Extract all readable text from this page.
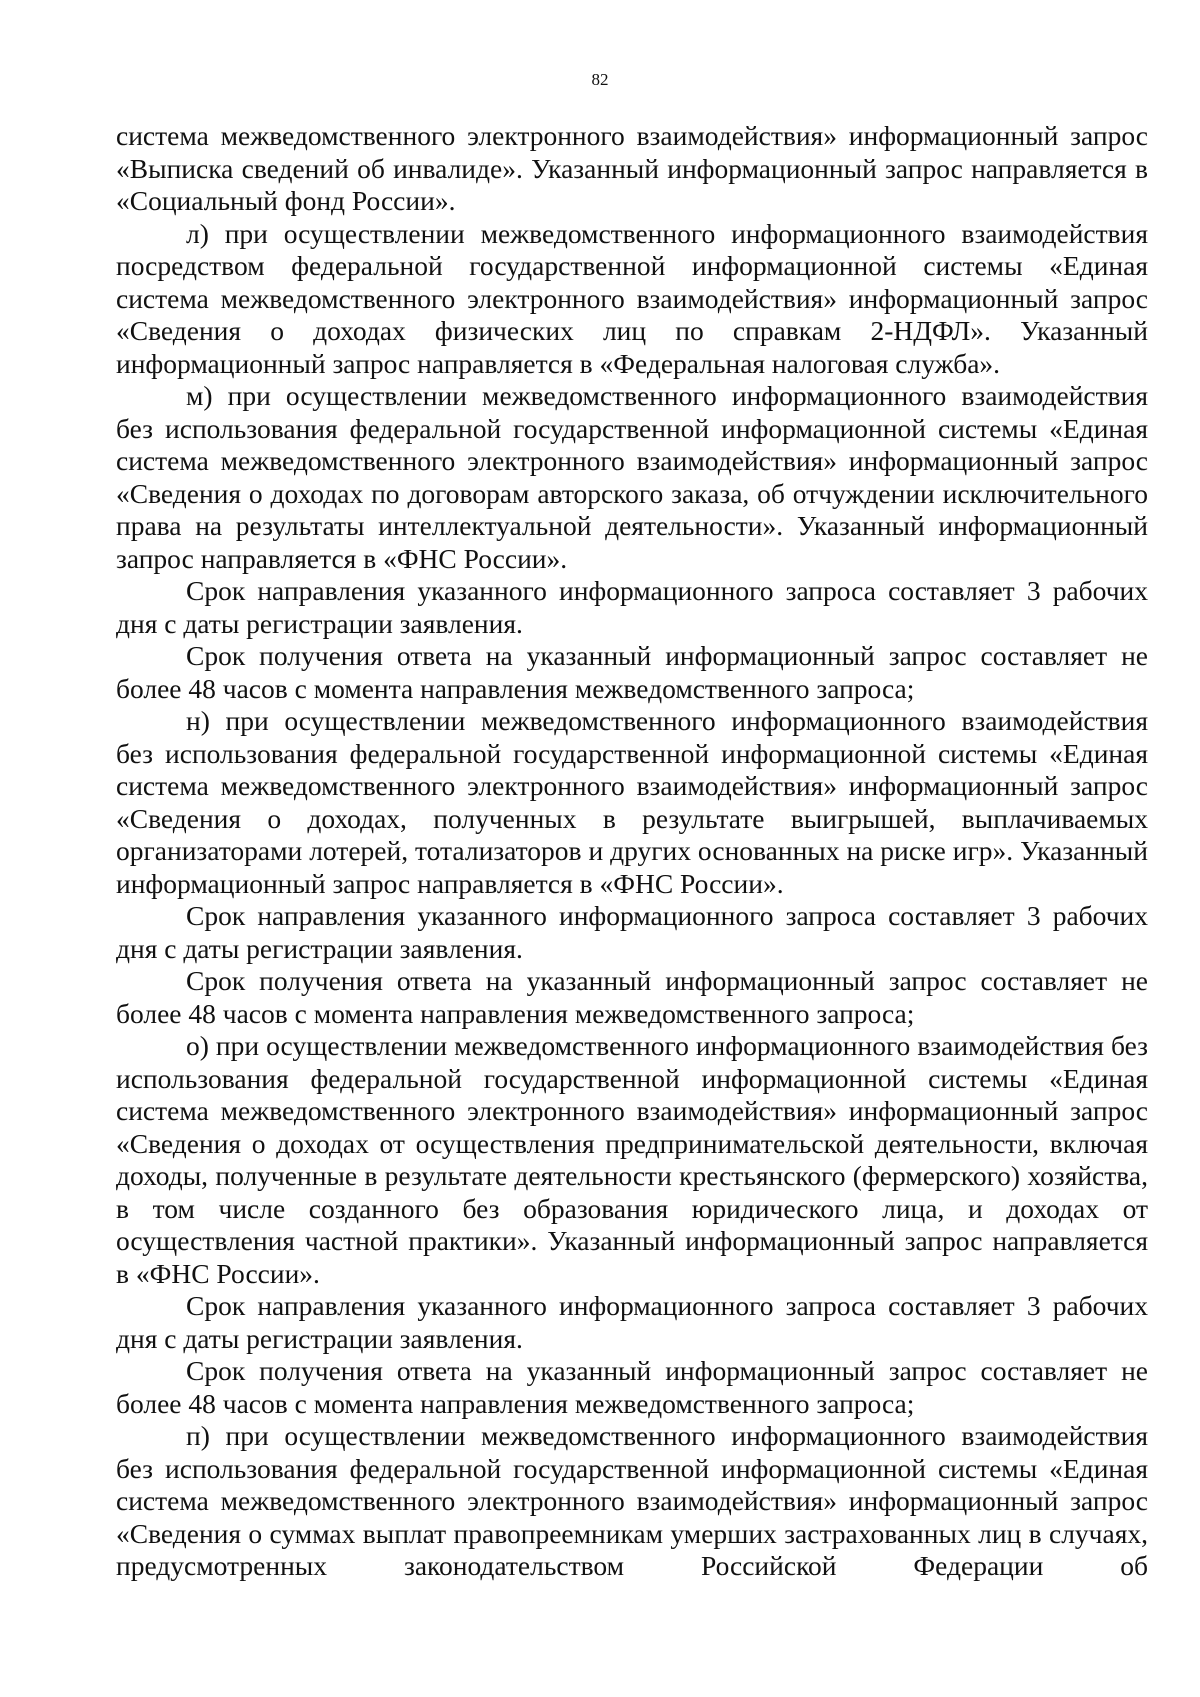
82

система межведомственного электронного взаимодействия» информационный запрос «Выписка сведений об инвалиде». Указанный информационный запрос направляется в «Социальный фонд России».

л) при осуществлении межведомственного информационного взаимодействия посредством федеральной государственной информационной системы «Единая система межведомственного электронного взаимодействия» информационный запрос «Сведения о доходах физических лиц по справкам 2-НДФЛ». Указанный информационный запрос направляется в «Федеральная налоговая служба».

м) при осуществлении межведомственного информационного взаимодействия без использования федеральной государственной информационной системы «Единая система межведомственного электронного взаимодействия» информационный запрос «Сведения о доходах по договорам авторского заказа, об отчуждении исключительного права на результаты интеллектуальной деятельности». Указанный информационный запрос направляется в «ФНС России».

Срок направления указанного информационного запроса составляет 3 рабочих дня с даты регистрации заявления.

Срок получения ответа на указанный информационный запрос составляет не более 48 часов с момента направления межведомственного запроса;

н) при осуществлении межведомственного информационного взаимодействия без использования федеральной государственной информационной системы «Единая система межведомственного электронного взаимодействия» информационный запрос «Сведения о доходах, полученных в результате выигрышей, выплачиваемых организаторами лотерей, тотализаторов и других основанных на риске игр». Указанный информационный запрос направляется в «ФНС России».

Срок направления указанного информационного запроса составляет 3 рабочих дня с даты регистрации заявления.

Срок получения ответа на указанный информационный запрос составляет не более 48 часов с момента направления межведомственного запроса;

о) при осуществлении межведомственного информационного взаимодействия без использования федеральной государственной информационной системы «Единая система межведомственного электронного взаимодействия» информационный запрос «Сведения о доходах от осуществления предпринимательской деятельности, включая доходы, полученные в результате деятельности крестьянского (фермерского) хозяйства, в том числе созданного без образования юридического лица, и доходах от осуществления частной практики». Указанный информационный запрос направляется в «ФНС России».

Срок направления указанного информационного запроса составляет 3 рабочих дня с даты регистрации заявления.

Срок получения ответа на указанный информационный запрос составляет не более 48 часов с момента направления межведомственного запроса;

п) при осуществлении межведомственного информационного взаимодействия без использования федеральной государственной информационной системы «Единая система межведомственного электронного взаимодействия» информационный запрос «Сведения о суммах выплат правопреемникам умерших застрахованных лиц в случаях, предусмотренных законодательством Российской Федерации об
